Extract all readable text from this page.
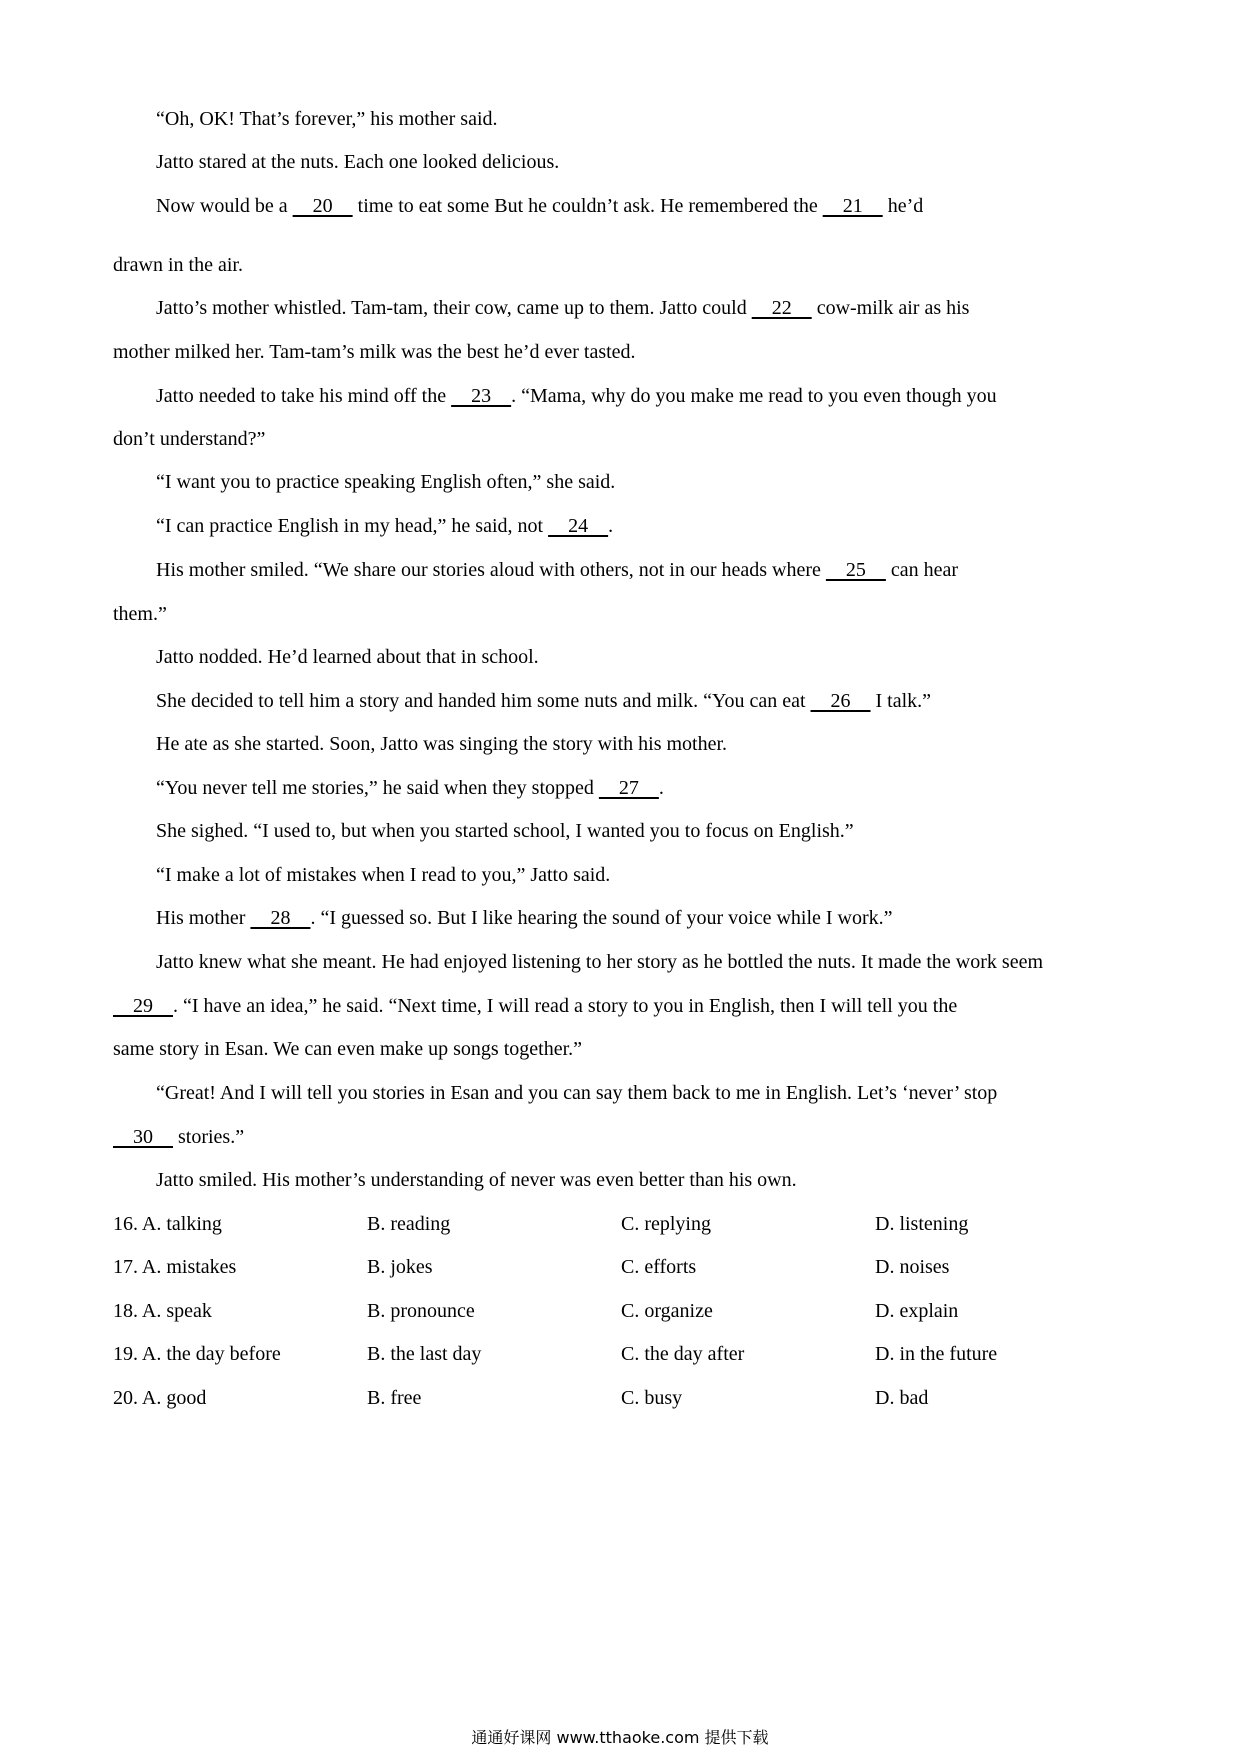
“Oh, OK! That’s forever,” his mother said.
Jatto stared at the nuts. Each one looked delicious.
Now would be a     20     time to eat some But he couldn’t ask. He remembered the     21     he’d
drawn in the air.
Jatto’s mother whistled. Tam-tam, their cow, came up to them. Jatto could     22     cow-milk air as his
mother milked her. Tam-tam’s milk was the best he’d ever tasted.
Jatto needed to take his mind off the     23    . “Mama, why do you make me read to you even though you
don’t understand?”
“I want you to practice speaking English often,” she said.
“I can practice English in my head,” he said, not     24    .
His mother smiled. “We share our stories aloud with others, not in our heads where     25     can hear
them.”
Jatto nodded. He’d learned about that in school.
She decided to tell him a story and handed him some nuts and milk. “You can eat     26     I talk.”
He ate as she started. Soon, Jatto was singing the story with his mother.
“You never tell me stories,” he said when they stopped     27    .
She sighed. “I used to, but when you started school, I wanted you to focus on English.”
“I make a lot of mistakes when I read to you,” Jatto said.
His mother     28    . “I guessed so. But I like hearing the sound of your voice while I work.”
Jatto knew what she meant. He had enjoyed listening to her story as he bottled the nuts. It made the work seem
29    . “I have an idea,” he said. “Next time, I will read a story to you in English, then I will tell you the
same story in Esan. We can even make up songs together.”
“Great! And I will tell you stories in Esan and you can say them back to me in English. Let’s ‘never’ stop
30     stories.”
Jatto smiled. His mother’s understanding of never was even better than his own.
16. A. talking	B. reading	C. replying	D. listening
17. A. mistakes	B. jokes	C. efforts	D. noises
18. A. speak	B. pronounce	C. organize	D. explain
19. A. the day before	B. the last day	C. the day after	D. in the future
20. A. good	B. free	C. busy	D. bad
通通好课网 www.tthaoke.com 提供下载
